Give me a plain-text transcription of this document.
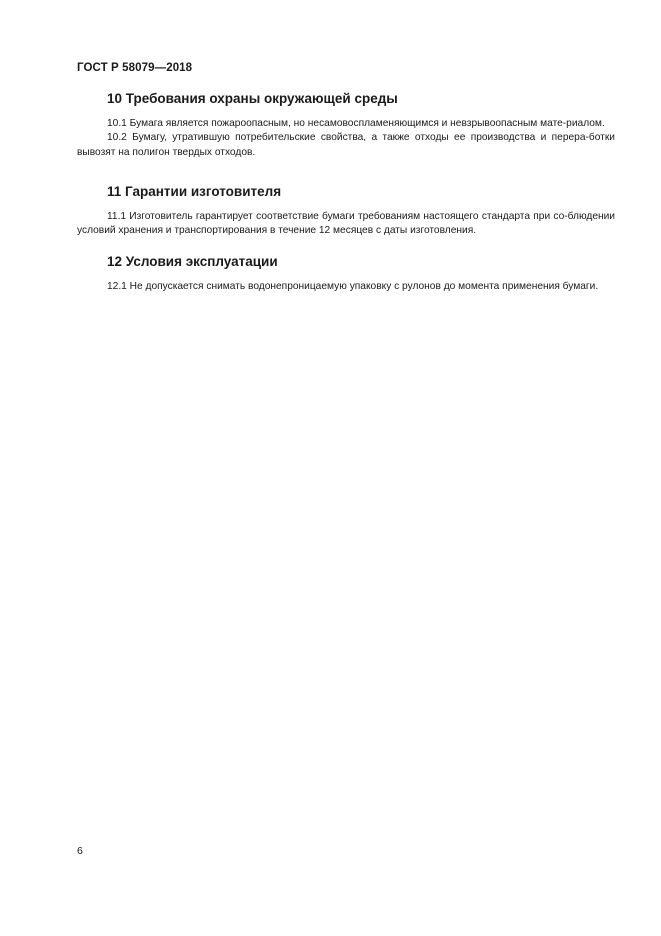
ГОСТ Р 58079—2018
10 Требования охраны окружающей среды

10.1 Бумага является пожароопасным, но несамовоспламеняющимся и невзрывоопасным мате-риалом.

10.2 Бумагу, утратившую потребительские свойства, а также отходы ее производства и перера-ботки вывозят на полигон твердых отходов.

11 Гарантии изготовителя

11.1 Изготовитель гарантирует соответствие бумаги требованиям настоящего стандарта при со-блюдении условий хранения и транспортирования в течение 12 месяцев с даты изготовления.

12 Условия эксплуатации

12.1 Не допускается снимать водонепроницаемую упаковку с рулонов до момента применения бумаги.

6
